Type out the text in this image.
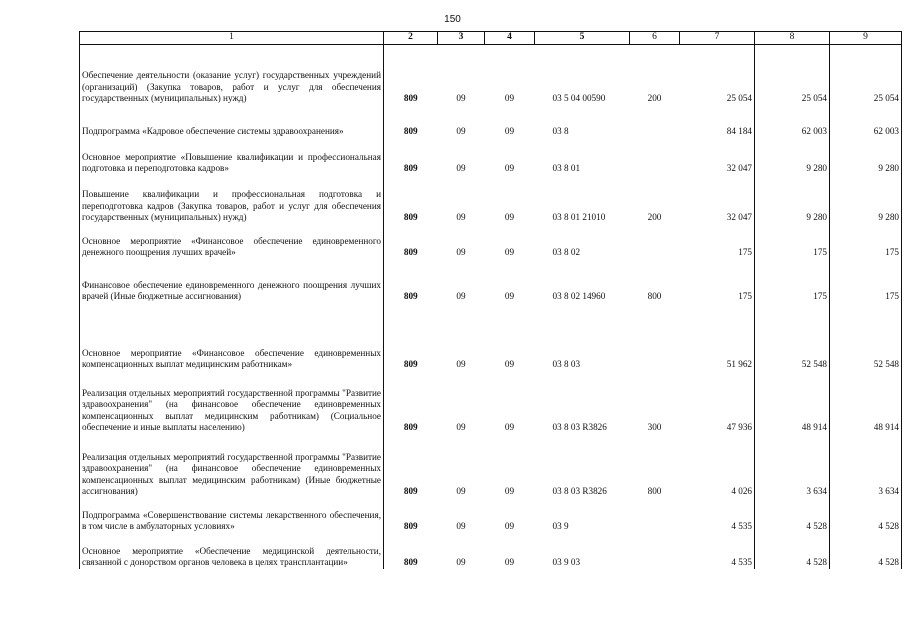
150
1	2	3	4	5	6	7	8	9
Обеспечение деятельности (оказание услуг) государственных учреждений (организаций) (Закупка товаров, работ и услуг для обеспечения государственных (муниципальных) нужд)	809	09	09	03 5 04 00590	200	25 054	25 054	25 054
Подпрограмма «Кадровое обеспечение системы здравоохранения»	809	09	09	03 8		84 184	62 003	62 003
Основное мероприятие «Повышение квалификации и профессиональная подготовка и переподготовка кадров»	809	09	09	03 8 01		32 047	9 280	9 280
Повышение квалификации и профессиональная подготовка и переподготовка кадров (Закупка товаров, работ и услуг для обеспечения государственных (муниципальных) нужд)	809	09	09	03 8 01 21010	200	32 047	9 280	9 280
Основное мероприятие «Финансовое обеспечение единовременного денежного поощрения лучших врачей»	809	09	09	03 8 02		175	175	175
Финансовое обеспечение единовременного денежного поощрения лучших врачей (Иные бюджетные ассигнования)	809	09	09	03 8 02 14960	800	175	175	175
Основное мероприятие «Финансовое обеспечение единовременных компенсационных выплат медицинским работникам»	809	09	09	03 8 03		51 962	52 548	52 548
Реализация отдельных мероприятий государственной программы "Развитие здравоохранения" (на финансовое обеспечение единовременных компенсационных выплат медицинским работникам) (Социальное обеспечение и иные выплаты населению)	809	09	09	03 8 03 R3826	300	47 936	48 914	48 914
Реализация отдельных мероприятий государственной программы "Развитие здравоохранения" (на финансовое обеспечение единовременных компенсационных выплат медицинским работникам) (Иные бюджетные ассигнования)	809	09	09	03 8 03 R3826	800	4 026	3 634	3 634
Подпрограмма «Совершенствование системы лекарственного обеспечения, в том числе в амбулаторных условиях»	809	09	09	03 9		4 535	4 528	4 528
Основное мероприятие «Обеспечение медицинской деятельности, связанной с донорством органов человека в целях трансплантации»	809	09	09	03 9 03		4 535	4 528	4 528
